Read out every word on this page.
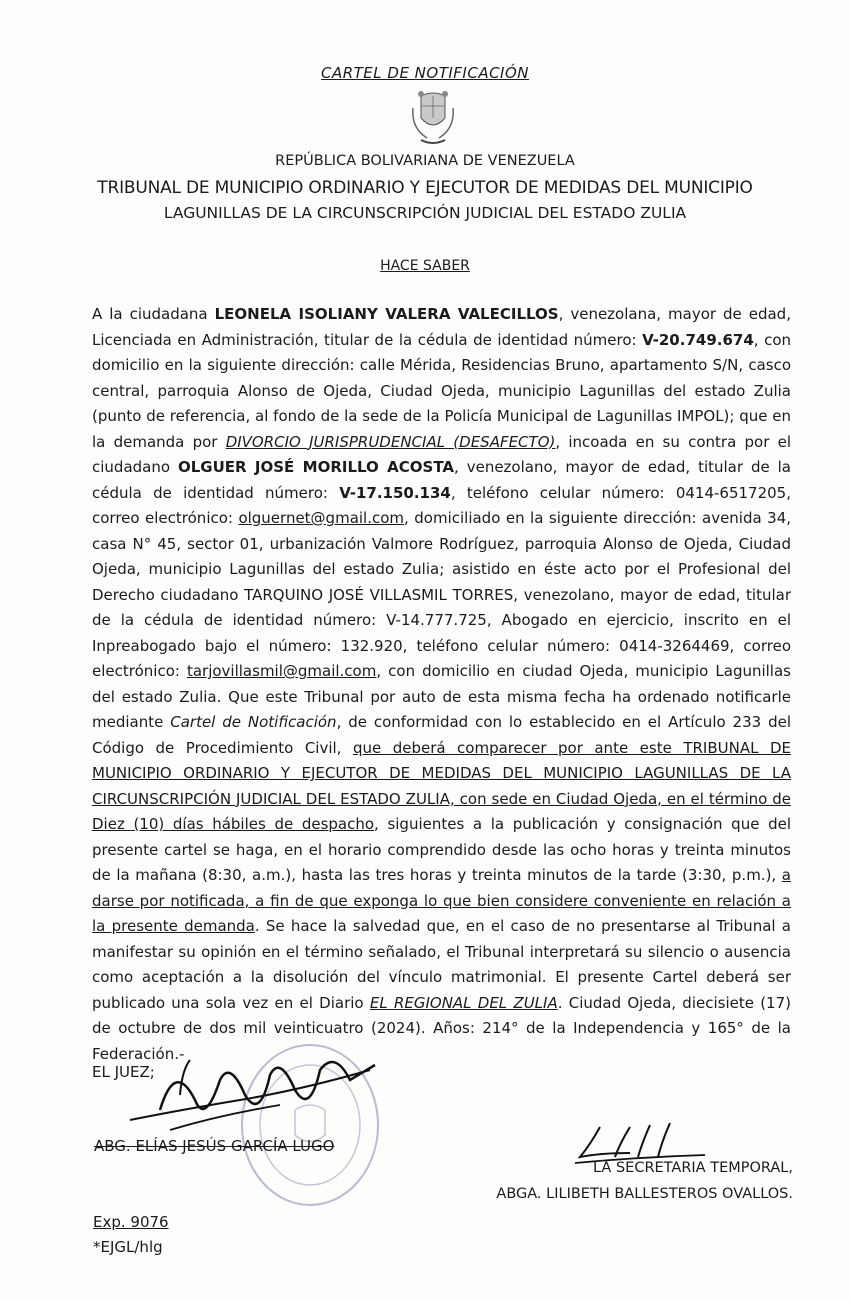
CARTEL DE NOTIFICACIÓN
REPÚBLICA BOLIVARIANA DE VENEZUELA
TRIBUNAL DE MUNICIPIO ORDINARIO Y EJECUTOR DE MEDIDAS DEL MUNICIPIO
LAGUNILLAS DE LA CIRCUNSCRIPCIÓN JUDICIAL DEL ESTADO ZULIA
HACE SABER

A la ciudadana LEONELA ISOLIANY VALERA VALECILLOS, venezolana, mayor de edad, Licenciada en Administración, titular de la cédula de identidad número: V-20.749.674, con domicilio en la siguiente dirección: calle Mérida, Residencias Bruno, apartamento S/N, casco central, parroquia Alonso de Ojeda, Ciudad Ojeda, municipio Lagunillas del estado Zulia (punto de referencia, al fondo de la sede de la Policía Municipal de Lagunillas IMPOL); que en la demanda por DIVORCIO JURISPRUDENCIAL (DESAFECTO), incoada en su contra por el ciudadano OLGUER JOSÉ MORILLO ACOSTA, venezolano, mayor de edad, titular de la cédula de identidad número: V-17.150.134, teléfono celular número: 0414-6517205, correo electrónico: olguernet@gmail.com, domiciliado en la siguiente dirección: avenida 34, casa N° 45, sector 01, urbanización Valmore Rodríguez, parroquia Alonso de Ojeda, Ciudad Ojeda, municipio Lagunillas del estado Zulia; asistido en éste acto por el Profesional del Derecho ciudadano TARQUINO JOSÉ VILLASMIL TORRES, venezolano, mayor de edad, titular de la cédula de identidad número: V-14.777.725, Abogado en ejercicio, inscrito en el Inpreabogado bajo el número: 132.920, teléfono celular número: 0414-3264469, correo electrónico: tarjovillasmil@gmail.com, con domicilio en ciudad Ojeda, municipio Lagunillas del estado Zulia. Que este Tribunal por auto de esta misma fecha ha ordenado notificarle mediante Cartel de Notificación, de conformidad con lo establecido en el Artículo 233 del Código de Procedimiento Civil, que deberá comparecer por ante este TRIBUNAL DE MUNICIPIO ORDINARIO Y EJECUTOR DE MEDIDAS DEL MUNICIPIO LAGUNILLAS DE LA CIRCUNSCRIPCIÓN JUDICIAL DEL ESTADO ZULIA, con sede en Ciudad Ojeda, en el término de Diez (10) días hábiles de despacho, siguientes a la publicación y consignación que del presente cartel se haga, en el horario comprendido desde las ocho horas y treinta minutos de la mañana (8:30, a.m.), hasta las tres horas y treinta minutos de la tarde (3:30, p.m.), a darse por notificada, a fin de que exponga lo que bien considere conveniente en relación a la presente demanda. Se hace la salvedad que, en el caso de no presentarse al Tribunal a manifestar su opinión en el término señalado, el Tribunal interpretará su silencio o ausencia como aceptación a la disolución del vínculo matrimonial. El presente Cartel deberá ser publicado una sola vez en el Diario EL REGIONAL DEL ZULIA. Ciudad Ojeda, diecisiete (17) de octubre de dos mil veinticuatro (2024). Años: 214° de la Independencia y 165° de la Federación.-

EL JUEZ;
ABG. ELÍAS JESÚS GARCÍA LUGO
LA SECRETARIA TEMPORAL,
ABGA. LILIBETH BALLESTEROS OVALLOS.
Exp. 9076
*EJGL/hlg
